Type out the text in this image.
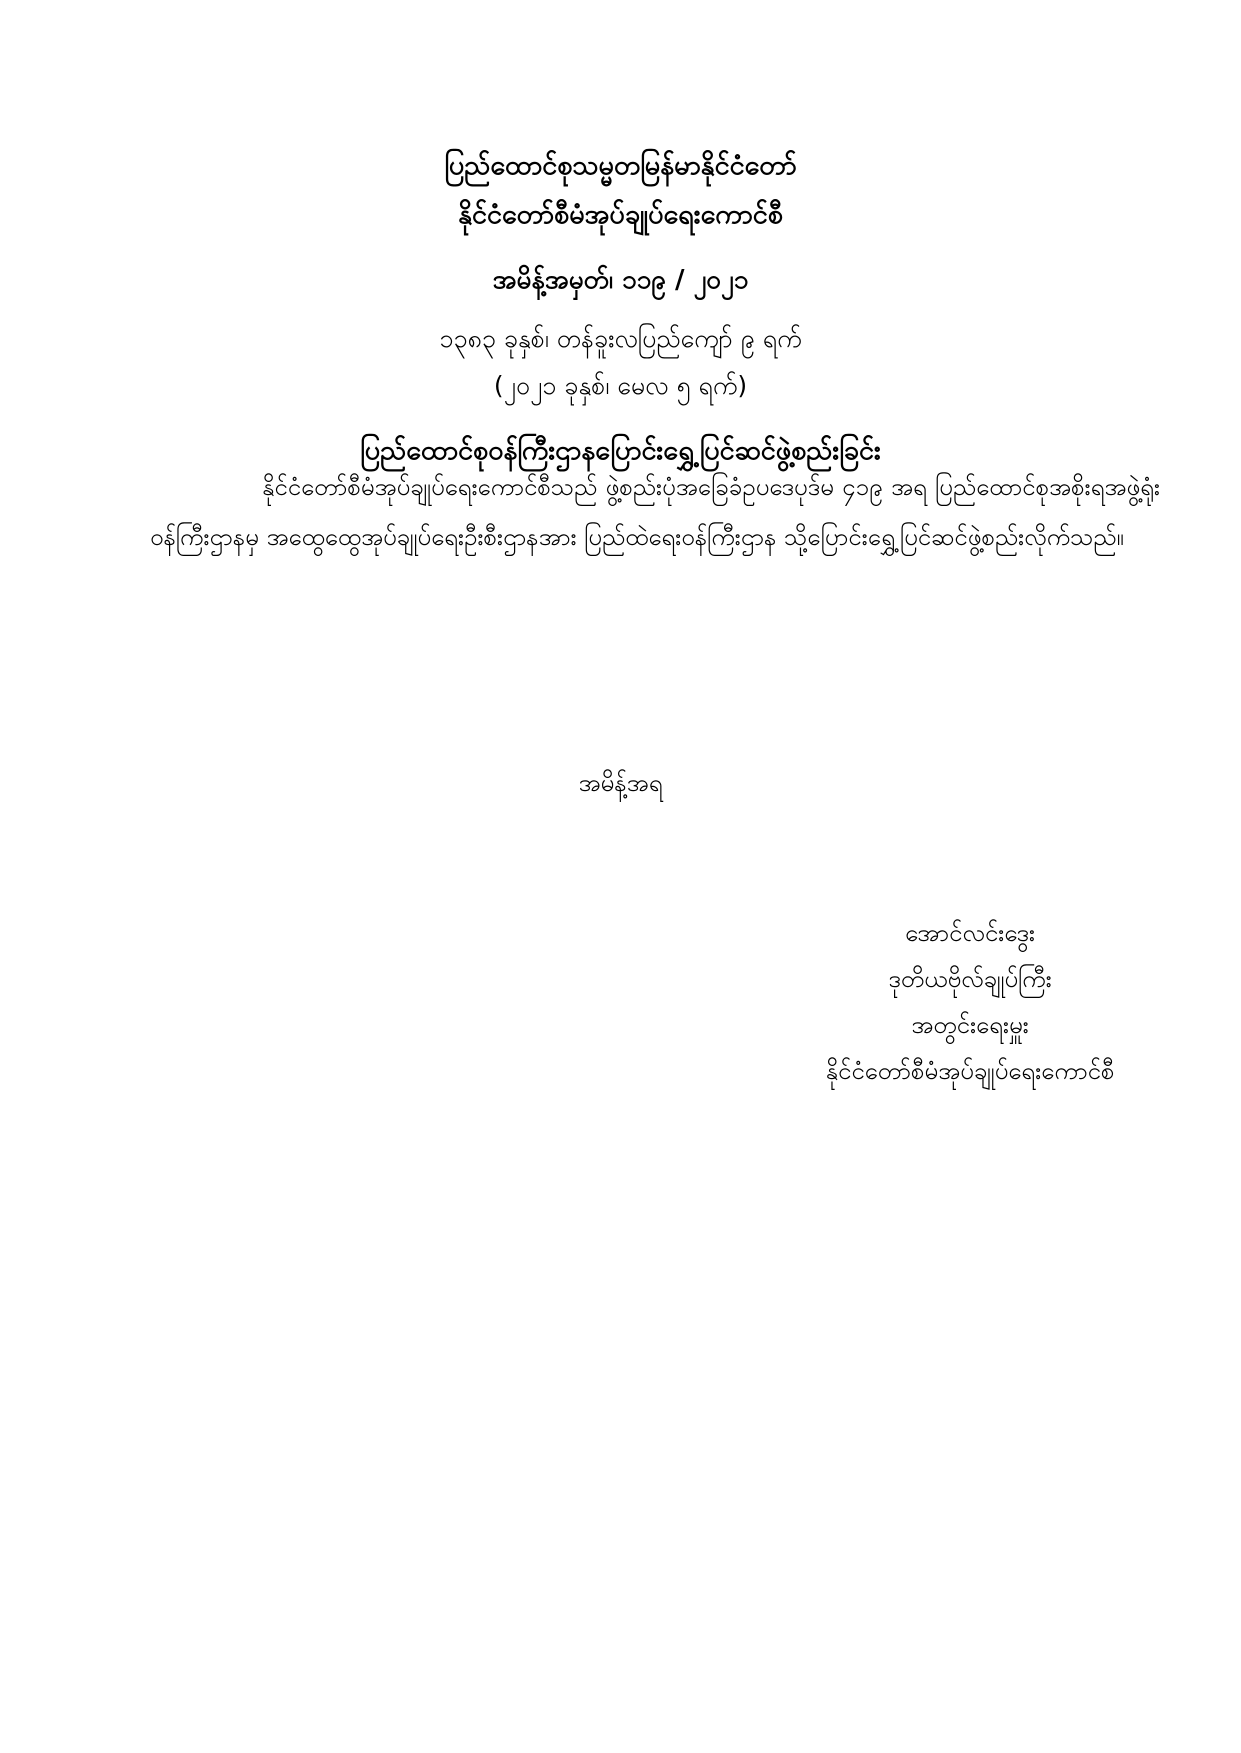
ပြည်ထောင်စုသမ္မတမြန်မာနိုင်ငံတော်
နိုင်ငံတော်စီမံအုပ်ချုပ်ရေးကောင်စီ
အမိန့်အမှတ်၊ ၁၁၉ / ၂၀၂၁
၁၃၈၃ ခုနှစ်၊ တန်ခူးလပြည်ကျော် ၉ ရက်
(၂၀၂၁ ခုနှစ်၊ မေလ ၅ ရက်)
ပြည်ထောင်စုဝန်ကြီးဌာနပြောင်းရွှေ့ပြင်ဆင်ဖွဲ့စည်းခြင်း

နိုင်ငံတော်စီမံအုပ်ချုပ်ရေးကောင်စီသည် ဖွဲ့စည်းပုံအခြေခံဥပဒေပုဒ်မ ၄၁၉ အရ ပြည်ထောင်စုအစိုးရအဖွဲ့ရုံးဝန်ကြီးဌာနမှ အထွေထွေအုပ်ချုပ်ရေးဦးစီးဌာနအား ပြည်ထဲရေးဝန်ကြီးဌာန သို့ပြောင်းရွှေ့ပြင်ဆင်ဖွဲ့စည်းလိုက်သည်။

အမိန့်အရ
အောင်လင်းဒွေး
ဒုတိယဗိုလ်ချုပ်ကြီး
အတွင်းရေးမှူး
နိုင်ငံတော်စီမံအုပ်ချုပ်ရေးကောင်စီ
